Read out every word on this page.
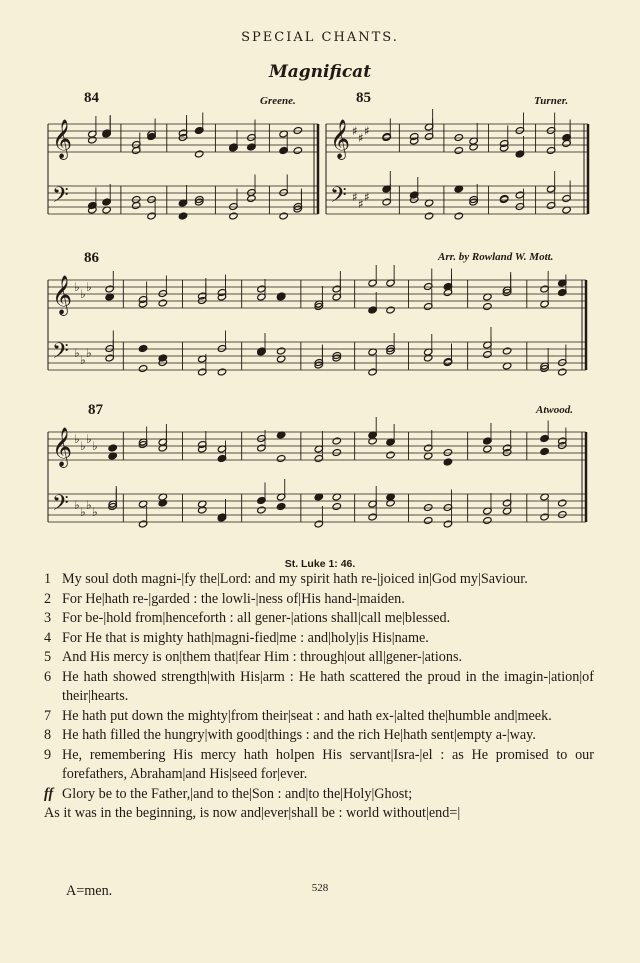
SPECIAL CHANTS.
Magnificat
84	Greene.	85	Turner.
86	Arr. by Rowland W. Mott.
87	Atwood.
𝄞
𝄢
𝄞
𝄢
♯
♯
♯
♯
♯
♯
𝄞
𝄢
♭
♭
♭
♭
♭
♭
𝄞
𝄢
♭
♭
♭
♭
♭
♭
♭
♭
St. Luke 1: 46.
1 My soul doth magni-|fy the|Lord: and my spirit hath re-|joiced in|God my|Saviour.
2 For He|hath re-|garded : the lowli-|ness of|His hand-|maiden.
3 For be-|hold from|henceforth : all gener-|ations shall|call me|blessed.
4 For He that is mighty hath|magni-fied|me : and|holy|is His|name.
5 And His mercy is on|them that|fear Him : through|out all|gener-|ations.
6 He hath showed strength|with His|arm : He hath scattered the proud in the imagin-|ation|of their|hearts.
7 He hath put down the mighty|from their|seat : and hath ex-|alted the|humble and|meek.
8 He hath filled the hungry|with good|things : and the rich He|hath sent|empty a-|way.
9 He, remembering His mercy hath holpen His servant|Isra-|el : as He promised to our forefathers, Abraham|and His|seed for|ever.
ff Glory be to the Father,|and to the|Son : and|to the|Holy|Ghost;
As it was in the beginning, is now and|ever|shall be : world without|end=|
A=men.	528
